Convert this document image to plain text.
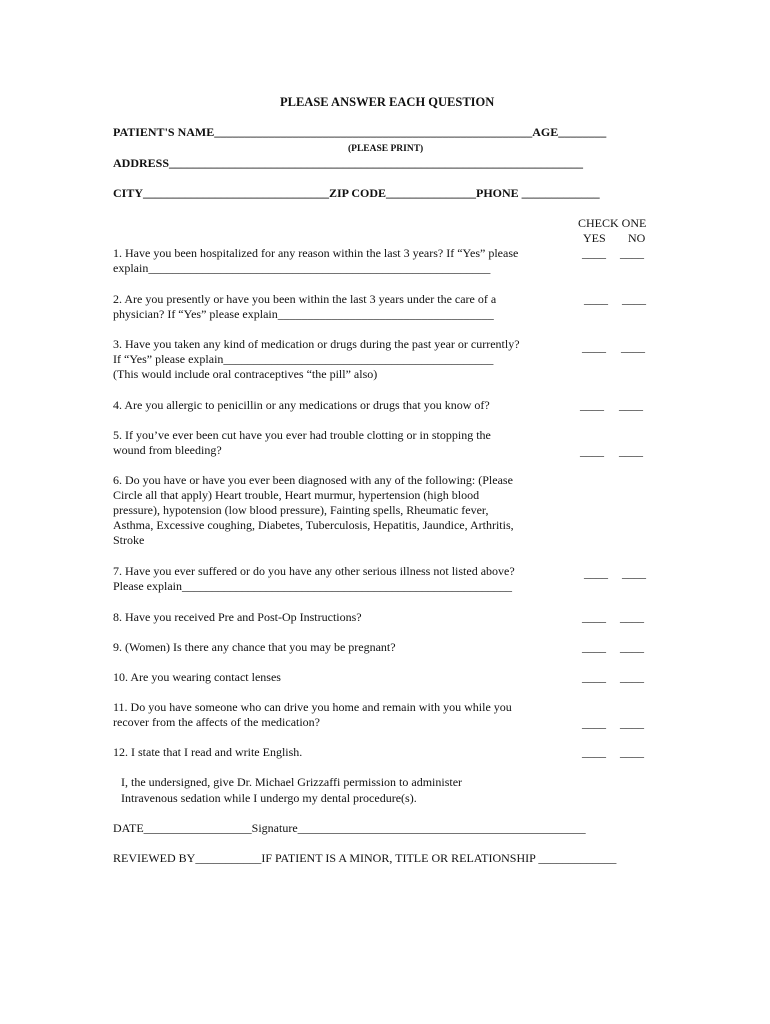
PLEASE ANSWER EACH QUESTION
PATIENT'S NAME_____________________________________________________AGE________
(PLEASE PRINT)
ADDRESS_____________________________________________________________________
CITY_______________________________ZIP CODE_______________PHONE _____________
CHECK ONE
YES NO
1. Have you been hospitalized for any reason within the last 3 years? If “Yes” please
explain_________________________________________________________
____ ____
2. Are you presently or have you been within the last 3 years under the care of a
physician? If “Yes” please explain____________________________________
____ ____
3. Have you taken any kind of medication or drugs during the past year or currently?
If “Yes” please explain_____________________________________________
(This would include oral contraceptives “the pill” also)
____ ____
4. Are you allergic to penicillin or any medications or drugs that you know of?	____ ____
5. If you’ve ever been cut have you ever had trouble clotting or in stopping the
wound from bleeding?	____ ____
6. Do you have or have you ever been diagnosed with any of the following: (Please
Circle all that apply) Heart trouble, Heart murmur, hypertension (high blood
pressure), hypotension (low blood pressure), Fainting spells, Rheumatic fever,
Asthma, Excessive coughing, Diabetes, Tuberculosis, Hepatitis, Jaundice, Arthritis,
Stroke
7. Have you ever suffered or do you have any other serious illness not listed above?
Please explain_______________________________________________________
____ ____
8. Have you received Pre and Post-Op Instructions?	____ ____
9. (Women) Is there any chance that you may be pregnant?	____ ____
10. Are you wearing contact lenses	____ ____
11. Do you have someone who can drive you home and remain with you while you
recover from the affects of the medication?	____ ____
12. I state that I read and write English.	____ ____
I, the undersigned, give Dr. Michael Grizzaffi permission to administer
Intravenous sedation while I undergo my dental procedure(s).
DATE__________________Signature________________________________________________
REVIEWED BY___________IF PATIENT IS A MINOR, TITLE OR RELATIONSHIP _____________
